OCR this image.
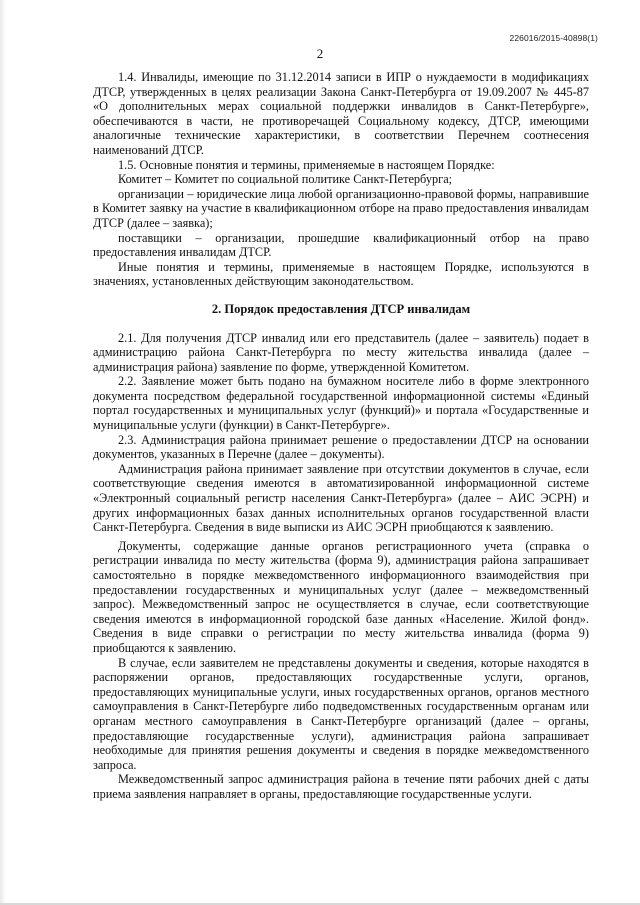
226016/2015-40898(1)
2

1.4. Инвалиды, имеющие по 31.12.2014 записи в ИПР о нуждаемости в модификациях ДТСР, утвержденных в целях реализации Закона Санкт-Петербурга от 19.09.2007 № 445-87 «О дополнительных мерах социальной поддержки инвалидов в Санкт-Петербурге», обеспечиваются в части, не противоречащей Социальному кодексу, ДТСР, имеющими аналогичные технические характеристики, в соответствии Перечнем соотнесения наименований ДТСР.

1.5. Основные понятия и термины, применяемые в настоящем Порядке:

Комитет – Комитет по социальной политике Санкт-Петербурга;

организации – юридические лица любой организационно-правовой формы, направившие в Комитет заявку на участие в квалификационном отборе на право предоставления инвалидам ДТСР (далее – заявка);

поставщики – организации, прошедшие квалификационный отбор на право предоставления инвалидам ДТСР.

Иные понятия и термины, применяемые в настоящем Порядке, используются в значениях, установленных действующим законодательством.

2. Порядок предоставления ДТСР инвалидам

2.1. Для получения ДТСР инвалид или его представитель (далее – заявитель) подает в администрацию района Санкт-Петербурга по месту жительства инвалида (далее – администрация района) заявление по форме, утвержденной Комитетом.

2.2. Заявление может быть подано на бумажном носителе либо в форме электронного документа посредством федеральной государственной информационной системы «Единый портал государственных и муниципальных услуг (функций)» и портала «Государственные и муниципальные услуги (функции) в Санкт-Петербурге».

2.3. Администрация района принимает решение о предоставлении ДТСР на основании документов, указанных в Перечне (далее – документы).

Администрация района принимает заявление при отсутствии документов в случае, если соответствующие сведения имеются в автоматизированной информационной системе «Электронный социальный регистр населения Санкт-Петербурга» (далее – АИС ЭСРН) и других информационных базах данных исполнительных органов государственной власти Санкт-Петербурга. Сведения в виде выписки из АИС ЭСРН приобщаются к заявлению.

Документы, содержащие данные органов регистрационного учета (справка о регистрации инвалида по месту жительства (форма 9), администрация района запрашивает самостоятельно в порядке межведомственного информационного взаимодействия при предоставлении государственных и муниципальных услуг (далее – межведомственный запрос). Межведомственный запрос не осуществляется в случае, если соответствующие сведения имеются в информационной городской базе данных «Население. Жилой фонд». Сведения в виде справки о регистрации по месту жительства инвалида (форма 9) приобщаются к заявлению.

В случае, если заявителем не представлены документы и сведения, которые находятся в распоряжении органов, предоставляющих государственные услуги, органов, предоставляющих муниципальные услуги, иных государственных органов, органов местного самоуправления в Санкт-Петербурге либо подведомственных государственным органам или органам местного самоуправления в Санкт-Петербурге организаций (далее – органы, предоставляющие государственные услуги), администрация района запрашивает необходимые для принятия решения документы и сведения в порядке межведомственного запроса.

Межведомственный запрос администрация района в течение пяти рабочих дней с даты приема заявления направляет в органы, предоставляющие государственные услуги.
